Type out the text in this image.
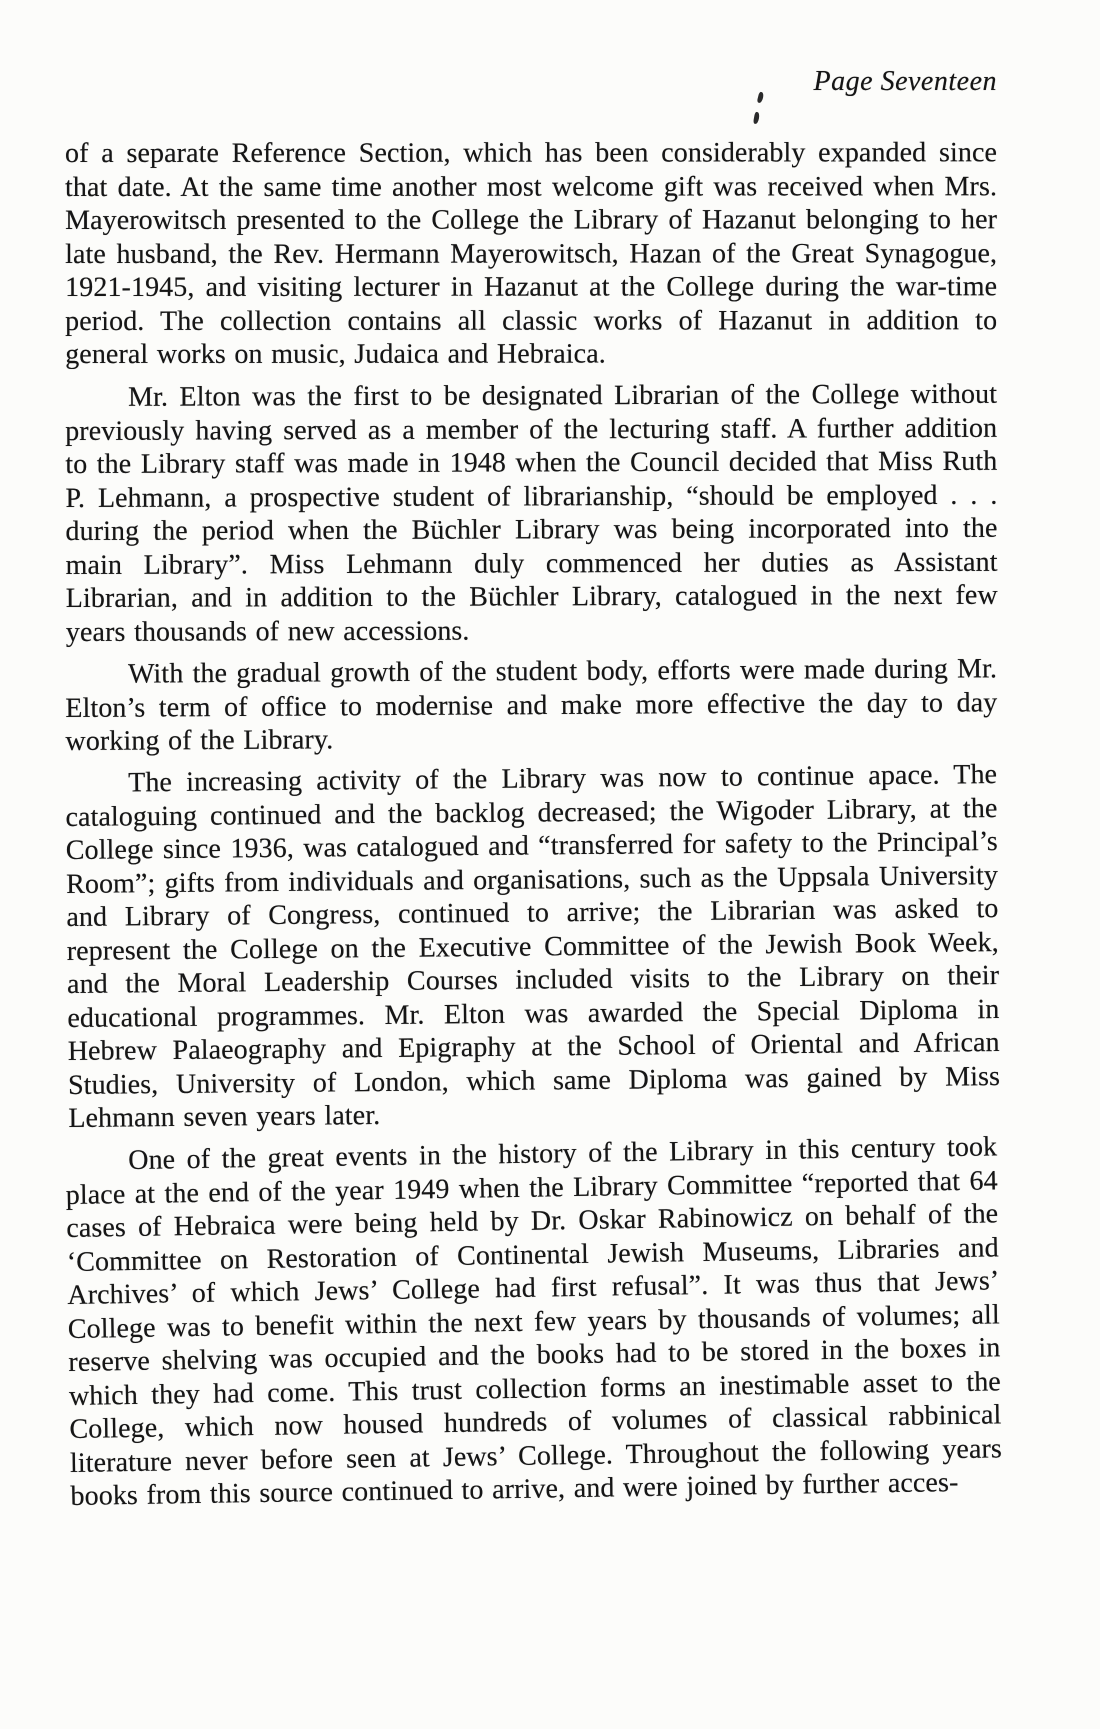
Page Seventeen

of a separate Reference Section, which has been considerably expanded since that date. At the same time another most welcome gift was received when Mrs. Mayerowitsch presented to the College the Library of Hazanut belonging to her late husband, the Rev. Hermann Mayerowitsch, Hazan of the Great Synagogue, 1921-1945, and visiting lecturer in Hazanut at the College during the war-time period. The collection contains all classic works of Hazanut in addition to general works on music, Judaica and Hebraica.

Mr. Elton was the first to be designated Librarian of the College without previously having served as a member of the lecturing staff. A further addition to the Library staff was made in 1948 when the Council decided that Miss Ruth P. Lehmann, a prospective student of librarianship, “should be employed . . . during the period when the Büchler Library was being incorporated into the main Library”. Miss Lehmann duly commenced her duties as Assistant Librarian, and in addition to the Büchler Library, catalogued in the next few years thousands of new accessions.

With the gradual growth of the student body, efforts were made during Mr. Elton’s term of office to modernise and make more effective the day to day working of the Library.

The increasing activity of the Library was now to continue apace. The cataloguing continued and the backlog decreased; the Wigoder Library, at the College since 1936, was catalogued and “transferred for safety to the Principal’s Room”; gifts from individuals and organisations, such as the Uppsala University and Library of Congress, continued to arrive; the Librarian was asked to represent the College on the Executive Committee of the Jewish Book Week, and the Moral Leadership Courses included visits to the Library on their educational programmes. Mr. Elton was awarded the Special Diploma in Hebrew Palaeography and Epigraphy at the School of Oriental and African Studies, University of London, which same Diploma was gained by Miss Lehmann seven years later.

One of the great events in the history of the Library in this century took place at the end of the year 1949 when the Library Committee “reported that 64 cases of Hebraica were being held by Dr. Oskar Rabinowicz on behalf of the ‘Committee on Restoration of Continental Jewish Museums, Libraries and Archives’ of which Jews’ College had first refusal”. It was thus that Jews’ College was to benefit within the next few years by thousands of volumes; all reserve shelving was occupied and the books had to be stored in the boxes in which they had come. This trust collection forms an inestimable asset to the College, which now housed hundreds of volumes of classical rabbinical literature never before seen at Jews’ College. Throughout the following years books from this source continued to arrive, and were joined by further acces-
